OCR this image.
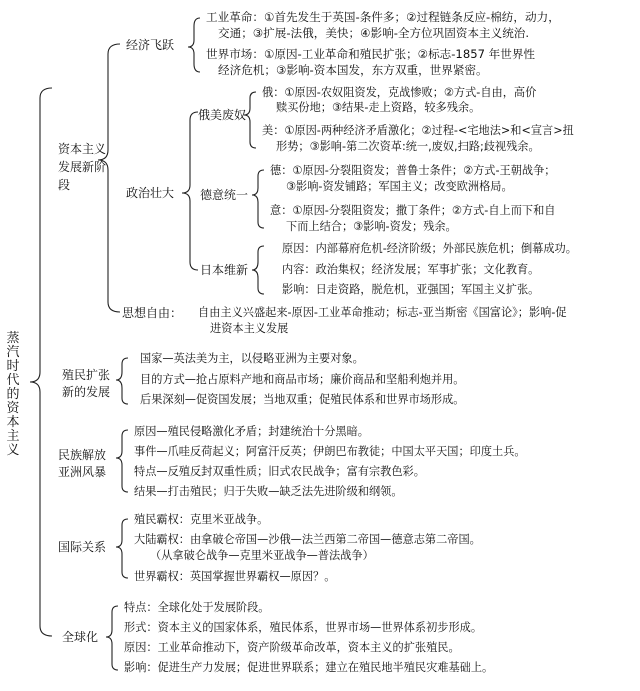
蒸汽时代的资本主义
资本主义发展新阶段
经济飞跃
工业革命：①首先发生于英国-条件多；②过程链条反应-棉纺，动力，
交通；③扩展-法俄，美快；④影响-全方位巩固资本主义统治.
世界市场：①原因-工业革命和殖民扩张；②标志-1857 年世界性
经济危机；③影响-资本国发，东方双重，世界紧密。
政治壮大
俄美废奴
俄：①原因-农奴阻资发，克战惨败；②方式-自由，高价
赎买份地；③结果-走上资路，较多残余。
美：①原因-两种经济矛盾激化；②过程-<宅地法>和<宣言>扭
形势；③影响-第二次资革:统一,废奴,扫路;歧视残余。
德意统一
德：①原因-分裂阻资发；普鲁士条件；②方式-王朝战争；
③影响-资发铺路；军国主义；改变欧洲格局。
意：①原因-分裂阻资发；撒丁条件；②方式-自上而下和自
下而上结合；③影响-资发；残余。
日本维新
原因：内部幕府危机-经济阶级；外部民族危机；倒幕成功。
内容：政治集权；经济发展；军事扩张；文化教育。
影响：日走资路，脱危机，亚强国；军国主义扩张。
思想自由： 自由主义兴盛起来-原因-工业革命推动；标志-亚当斯密《国富论》；影响-促
进资本主义发展
殖民扩张新的发展
国家—英法美为主，以侵略亚洲为主要对象。
目的方式—抢占原料产地和商品市场；廉价商品和坚船利炮并用。
后果深刻—促资国发展；当地双重；促殖民体系和世界市场形成。
民族解放亚洲风暴
原因—殖民侵略激化矛盾；封建统治十分黑暗。
事件—爪哇反荷起义；阿富汗反英；伊朗巴布教徒；中国太平天国；印度土兵。
特点—反殖反封双重性质；旧式农民战争；富有宗教色彩。
结果—打击殖民；归于失败—缺乏法先进阶级和纲领。
国际关系
殖民霸权：克里米亚战争。
大陆霸权：由拿破仑帝国—沙俄—法兰西第二帝国—德意志第二帝国。
（从拿破仑战争—克里米亚战争—普法战争）
世界霸权：英国掌握世界霸权—原因？。
全球化
特点：全球化处于发展阶段。
形式：资本主义的国家体系，殖民体系，世界市场—世界体系初步形成。
原因：工业革命推动下，资产阶级革命改革，资本主义的扩张殖民。
影响：促进生产力发展；促进世界联系；建立在殖民地半殖民灾难基础上。
